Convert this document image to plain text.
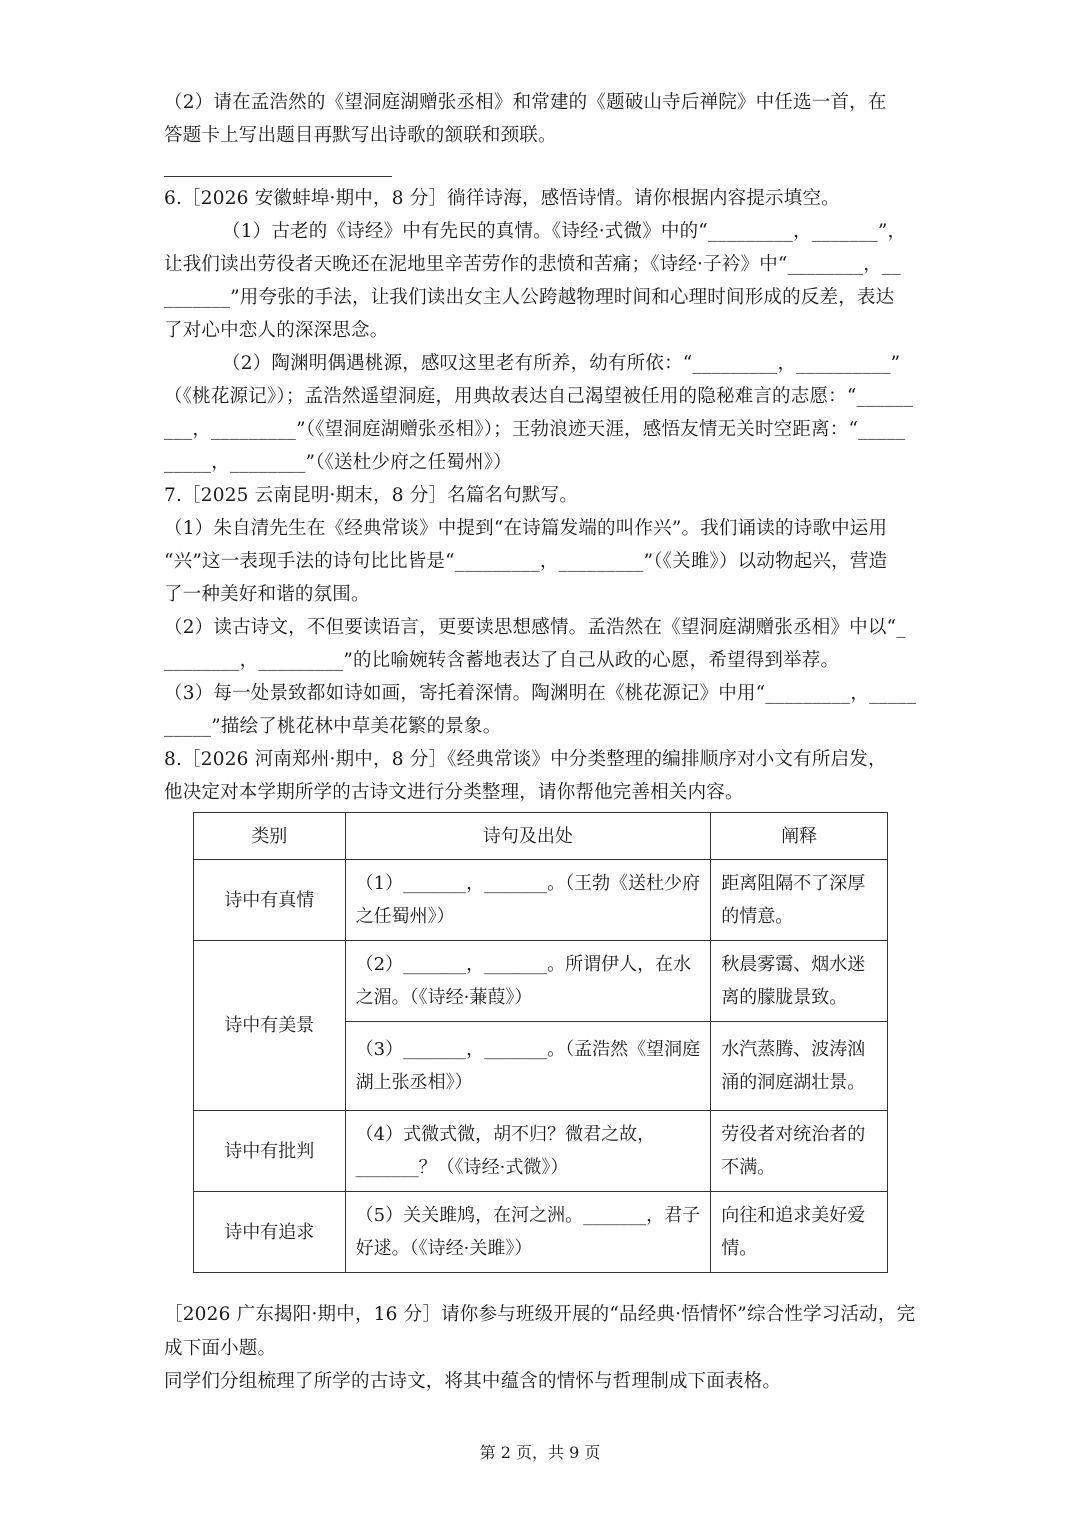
（2）请在孟浩然的《望洞庭湖赠张丞相》和常建的《题破山寺后禅院》中任选一首，在
答题卡上写出题目再默写出诗歌的颔联和颈联。
6.［2026 安徽蚌埠·期中，8 分］徜徉诗海，感悟诗情。请你根据内容提示填空。
（1）古老的《诗经》中有先民的真情。《诗经·式微》中的“_________，_______”，
让我们读出劳役者天晚还在泥地里辛苦劳作的悲愤和苦痛；《诗经·子衿》中“________，__
_______”用夸张的手法，让我们读出女主人公跨越物理时间和心理时间形成的反差，表达
了对心中恋人的深深思念。
（2）陶渊明偶遇桃源，感叹这里老有所养，幼有所依：“_________，__________”
（《桃花源记》）；孟浩然遥望洞庭，用典故表达自己渴望被任用的隐秘难言的志愿：“______
___，_________”（《望洞庭湖赠张丞相》）；王勃浪迹天涯，感悟友情无关时空距离：“_____
_____，________”（《送杜少府之任蜀州》）
7.［2025 云南昆明·期末，8 分］名篇名句默写。
（1）朱自清先生在《经典常谈》中提到“在诗篇发端的叫作兴”。我们诵读的诗歌中运用
“兴”这一表现手法的诗句比比皆是“_________，_________”（《关雎》）以动物起兴，营造
了一种美好和谐的氛围。
（2）读古诗文，不但要读语言，更要读思想感情。孟浩然在《望洞庭湖赠张丞相》中以“_
________，_________”的比喻婉转含蓄地表达了自己从政的心愿，希望得到举荐。
（3）每一处景致都如诗如画，寄托着深情。陶渊明在《桃花源记》中用“_________，_____
_____”描绘了桃花林中草美花繁的景象。
8.［2026 河南郑州·期中，8 分］《经典常谈》中分类整理的编排顺序对小文有所启发，
他决定对本学期所学的古诗文进行分类整理，请你帮他完善相关内容。
类别	诗句及出处	阐释
诗中有真情	（1）_______，_______。（王勃《送杜少府之任蜀州》）	距离阻隔不了深厚的情意。
诗中有美景	（2）_______，_______。所谓伊人，在水之湄。（《诗经·蒹葭》）	秋晨雾霭、烟水迷离的朦胧景致。
	（3）_______，_______。（孟浩然《望洞庭湖上张丞相》）	水汽蒸腾、波涛汹涌的洞庭湖壮景。
诗中有批判	（4）式微式微，胡不归？微君之故，_______？（《诗经·式微》）	劳役者对统治者的不满。
诗中有追求	（5）关关雎鸠，在河之洲。_______，君子好逑。（《诗经·关雎》）	向往和追求美好爱情。
［2026 广东揭阳·期中，16 分］请你参与班级开展的“品经典·悟情怀”综合性学习活动，完
成下面小题。
同学们分组梳理了所学的古诗文，将其中蕴含的情怀与哲理制成下面表格。
第 2 页，共 9 页
